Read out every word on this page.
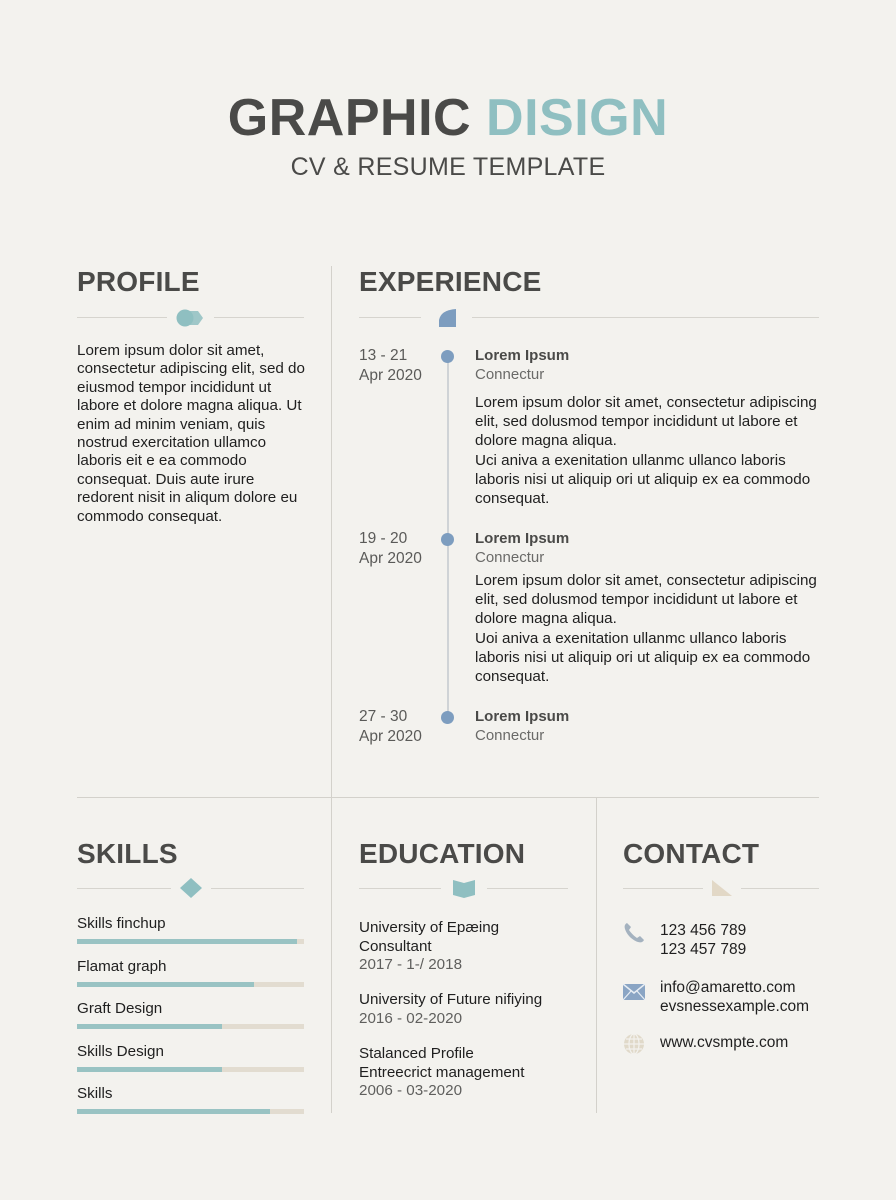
GRAPHIC DISIGN
CV & RESUME TEMPLATE
PROFILE
Lorem ipsum dolor sit amet, consectetur adipiscing elit, sed do eiusmod tempor incididunt ut labore et dolore magna aliqua. Ut enim ad minim veniam, quis nostrud exercitation ullamco laboris eit e ea commodo consequat. Duis aute irure redorent nisit in aliqum dolore eu commodo consequat.
EXPERIENCE
13 - 21
Apr 2020
Lorem Ipsum
Connectur
Lorem ipsum dolor sit amet, consectetur adipiscing elit, sed dolusmod tempor incididunt ut labore et dolore magna aliqua.
Uci aniva a exenitation ullanmc ullanco laboris laboris nisi ut aliquip ori ut aliquip ex ea commodo consequat.
19 - 20
Apr 2020
Lorem Ipsum
Connectur
Lorem ipsum dolor sit amet, consectetur adipiscing elit, sed dolusmod tempor incididunt ut labore et dolore magna aliqua.
Uoi aniva a exenitation ullanmc ullanco laboris laboris nisi ut aliquip ori ut aliquip ex ea commodo consequat.
27 - 30
Apr 2020
Lorem Ipsum
Connectur
SKILLS
Skills finchup
Flamat graph
Graft Design
Skills Design
Skills
EDUCATION
University of Epæing
Consultant
2017 - 1-/ 2018
University of Future nifiying
2016 - 02-2020
Stalanced Profile
Entreecrict management
2006 - 03-2020
CONTACT
123 456 789
123 457 789
info@amaretto.com
evsnessexample.com
www.cvsmpte.com
